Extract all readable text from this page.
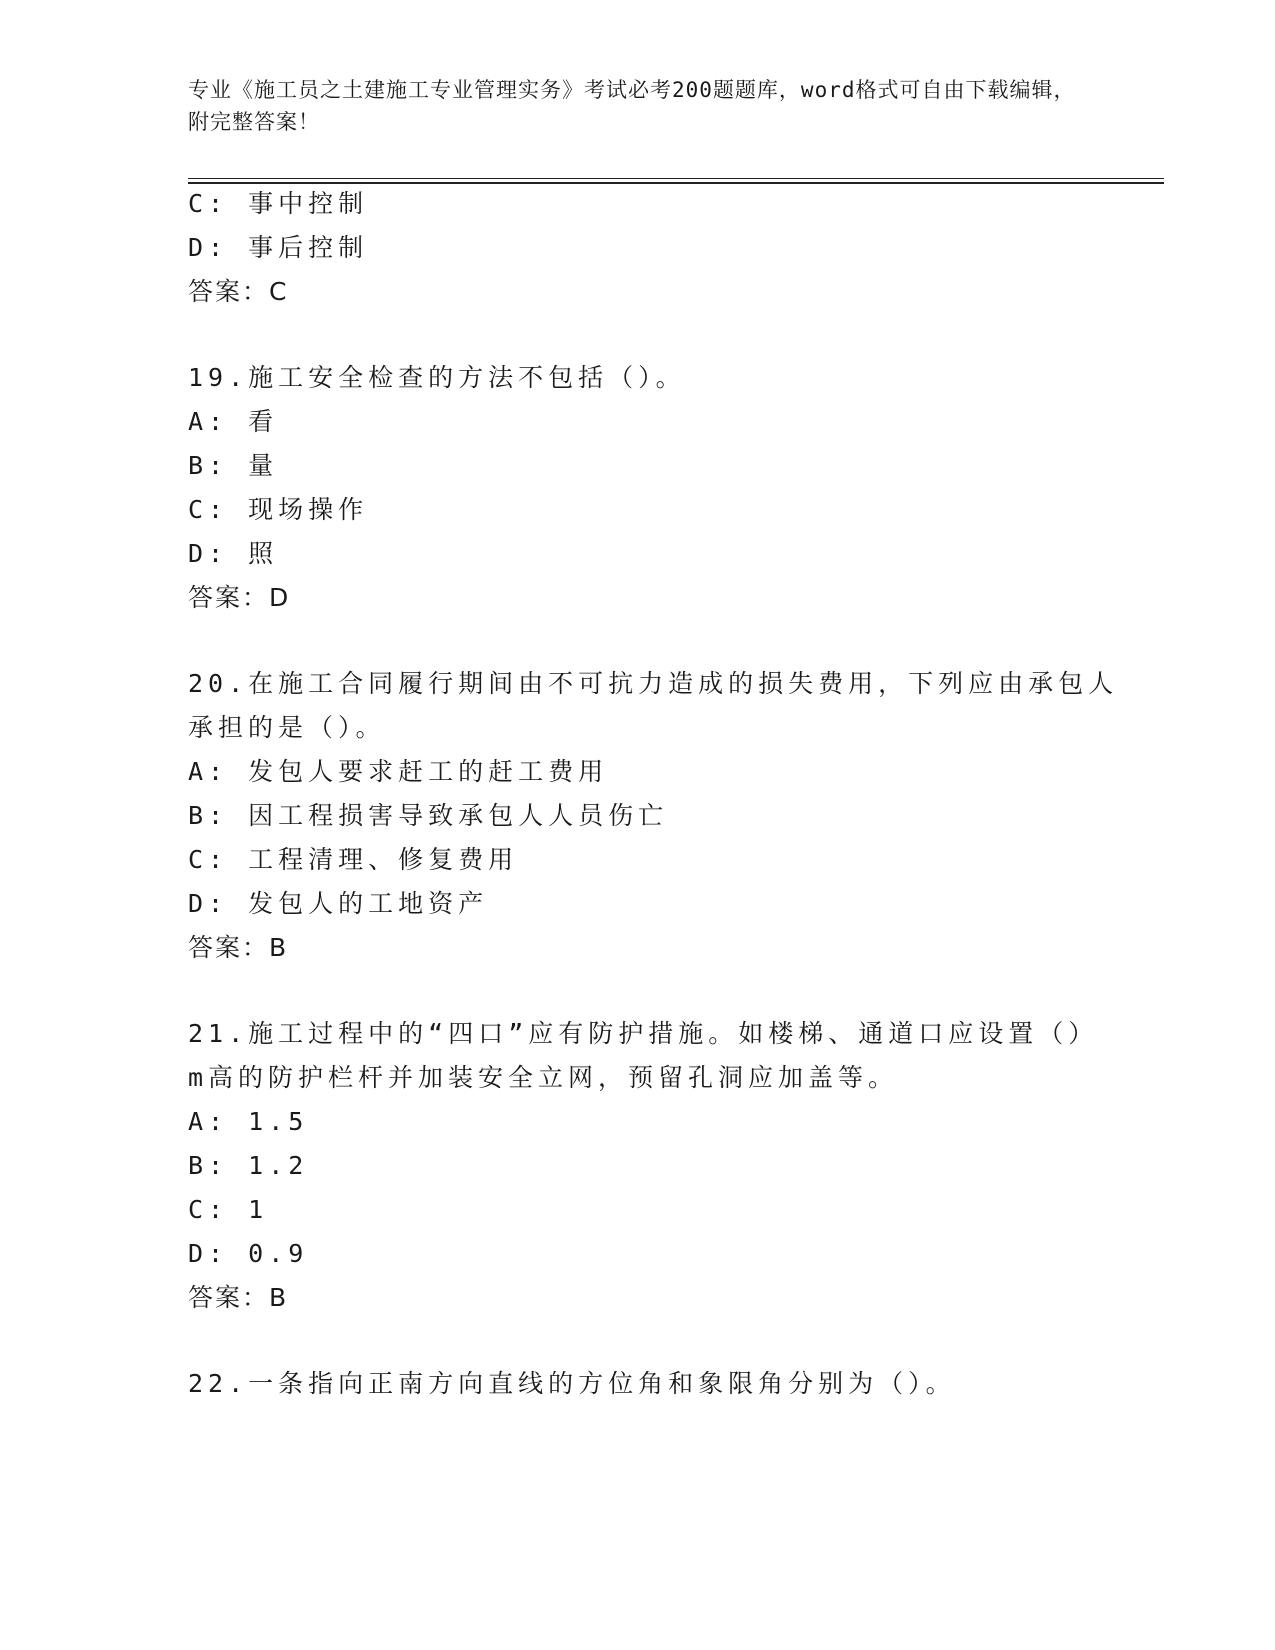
专业《施工员之土建施工专业管理实务》考试必考200题题库，word格式可自由下载编辑，附完整答案！
C: 事中控制
D: 事后控制
答案：C
19.施工安全检查的方法不包括（）。
A: 看
B: 量
C: 现场操作
D: 照
答案：D
20.在施工合同履行期间由不可抗力造成的损失费用，下列应由承包人
承担的是（）。
A: 发包人要求赶工的赶工费用
B: 因工程损害导致承包人人员伤亡
C: 工程清理、修复费用
D: 发包人的工地资产
答案：B
21.施工过程中的“四口”应有防护措施。如楼梯、通道口应设置（）
m高的防护栏杆并加装安全立网，预留孔洞应加盖等。
A: 1.5
B: 1.2
C: 1
D: 0.9
答案：B
22.一条指向正南方向直线的方位角和象限角分别为（）。
